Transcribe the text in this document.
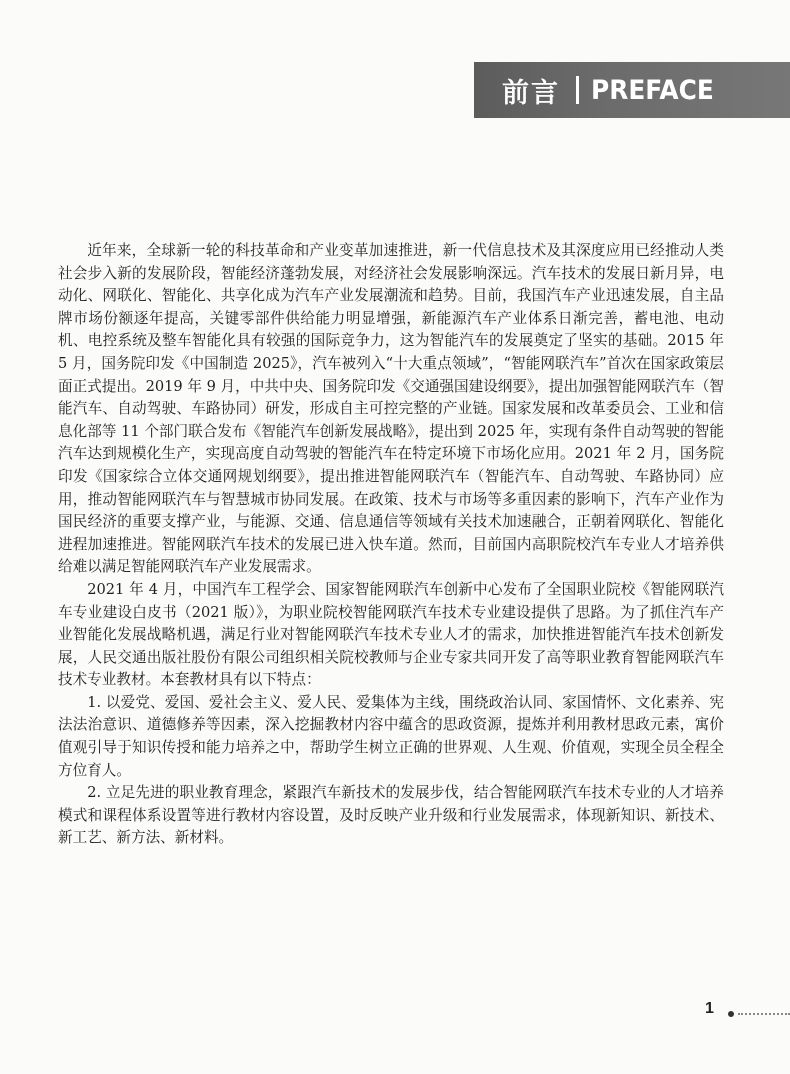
前言 PREFACE

近年来，全球新一轮的科技革命和产业变革加速推进，新一代信息技术及其深度应用已经推动人类社会步入新的发展阶段，智能经济蓬勃发展，对经济社会发展影响深远。汽车技术的发展日新月异，电动化、网联化、智能化、共享化成为汽车产业发展潮流和趋势。目前，我国汽车产业迅速发展，自主品牌市场份额逐年提高，关键零部件供给能力明显增强，新能源汽车产业体系日渐完善，蓄电池、电动机、电控系统及整车智能化具有较强的国际竞争力，这为智能汽车的发展奠定了坚实的基础。2015 年 5 月，国务院印发《中国制造 2025》，汽车被列入“十大重点领域”，“智能网联汽车”首次在国家政策层面正式提出。2019 年 9 月，中共中央、国务院印发《交通强国建设纲要》，提出加强智能网联汽车（智能汽车、自动驾驶、车路协同）研发，形成自主可控完整的产业链。国家发展和改革委员会、工业和信息化部等 11 个部门联合发布《智能汽车创新发展战略》，提出到 2025 年，实现有条件自动驾驶的智能汽车达到规模化生产，实现高度自动驾驶的智能汽车在特定环境下市场化应用。2021 年 2 月，国务院印发《国家综合立体交通网规划纲要》，提出推进智能网联汽车（智能汽车、自动驾驶、车路协同）应用，推动智能网联汽车与智慧城市协同发展。在政策、技术与市场等多重因素的影响下，汽车产业作为国民经济的重要支撑产业，与能源、交通、信息通信等领域有关技术加速融合，正朝着网联化、智能化进程加速推进。智能网联汽车技术的发展已进入快车道。然而，目前国内高职院校汽车专业人才培养供给难以满足智能网联汽车产业发展需求。

2021 年 4 月，中国汽车工程学会、国家智能网联汽车创新中心发布了全国职业院校《智能网联汽车专业建设白皮书（2021 版）》，为职业院校智能网联汽车技术专业建设提供了思路。为了抓住汽车产业智能化发展战略机遇，满足行业对智能网联汽车技术专业人才的需求，加快推进智能汽车技术创新发展，人民交通出版社股份有限公司组织相关院校教师与企业专家共同开发了高等职业教育智能网联汽车技术专业教材。本套教材具有以下特点：

1. 以爱党、爱国、爱社会主义、爱人民、爱集体为主线，围绕政治认同、家国情怀、文化素养、宪法法治意识、道德修养等因素，深入挖掘教材内容中蕴含的思政资源，提炼并利用教材思政元素，寓价值观引导于知识传授和能力培养之中，帮助学生树立正确的世界观、人生观、价值观，实现全员全程全方位育人。

2. 立足先进的职业教育理念，紧跟汽车新技术的发展步伐，结合智能网联汽车技术专业的人才培养模式和课程体系设置等进行教材内容设置，及时反映产业升级和行业发展需求，体现新知识、新技术、新工艺、新方法、新材料。

1
